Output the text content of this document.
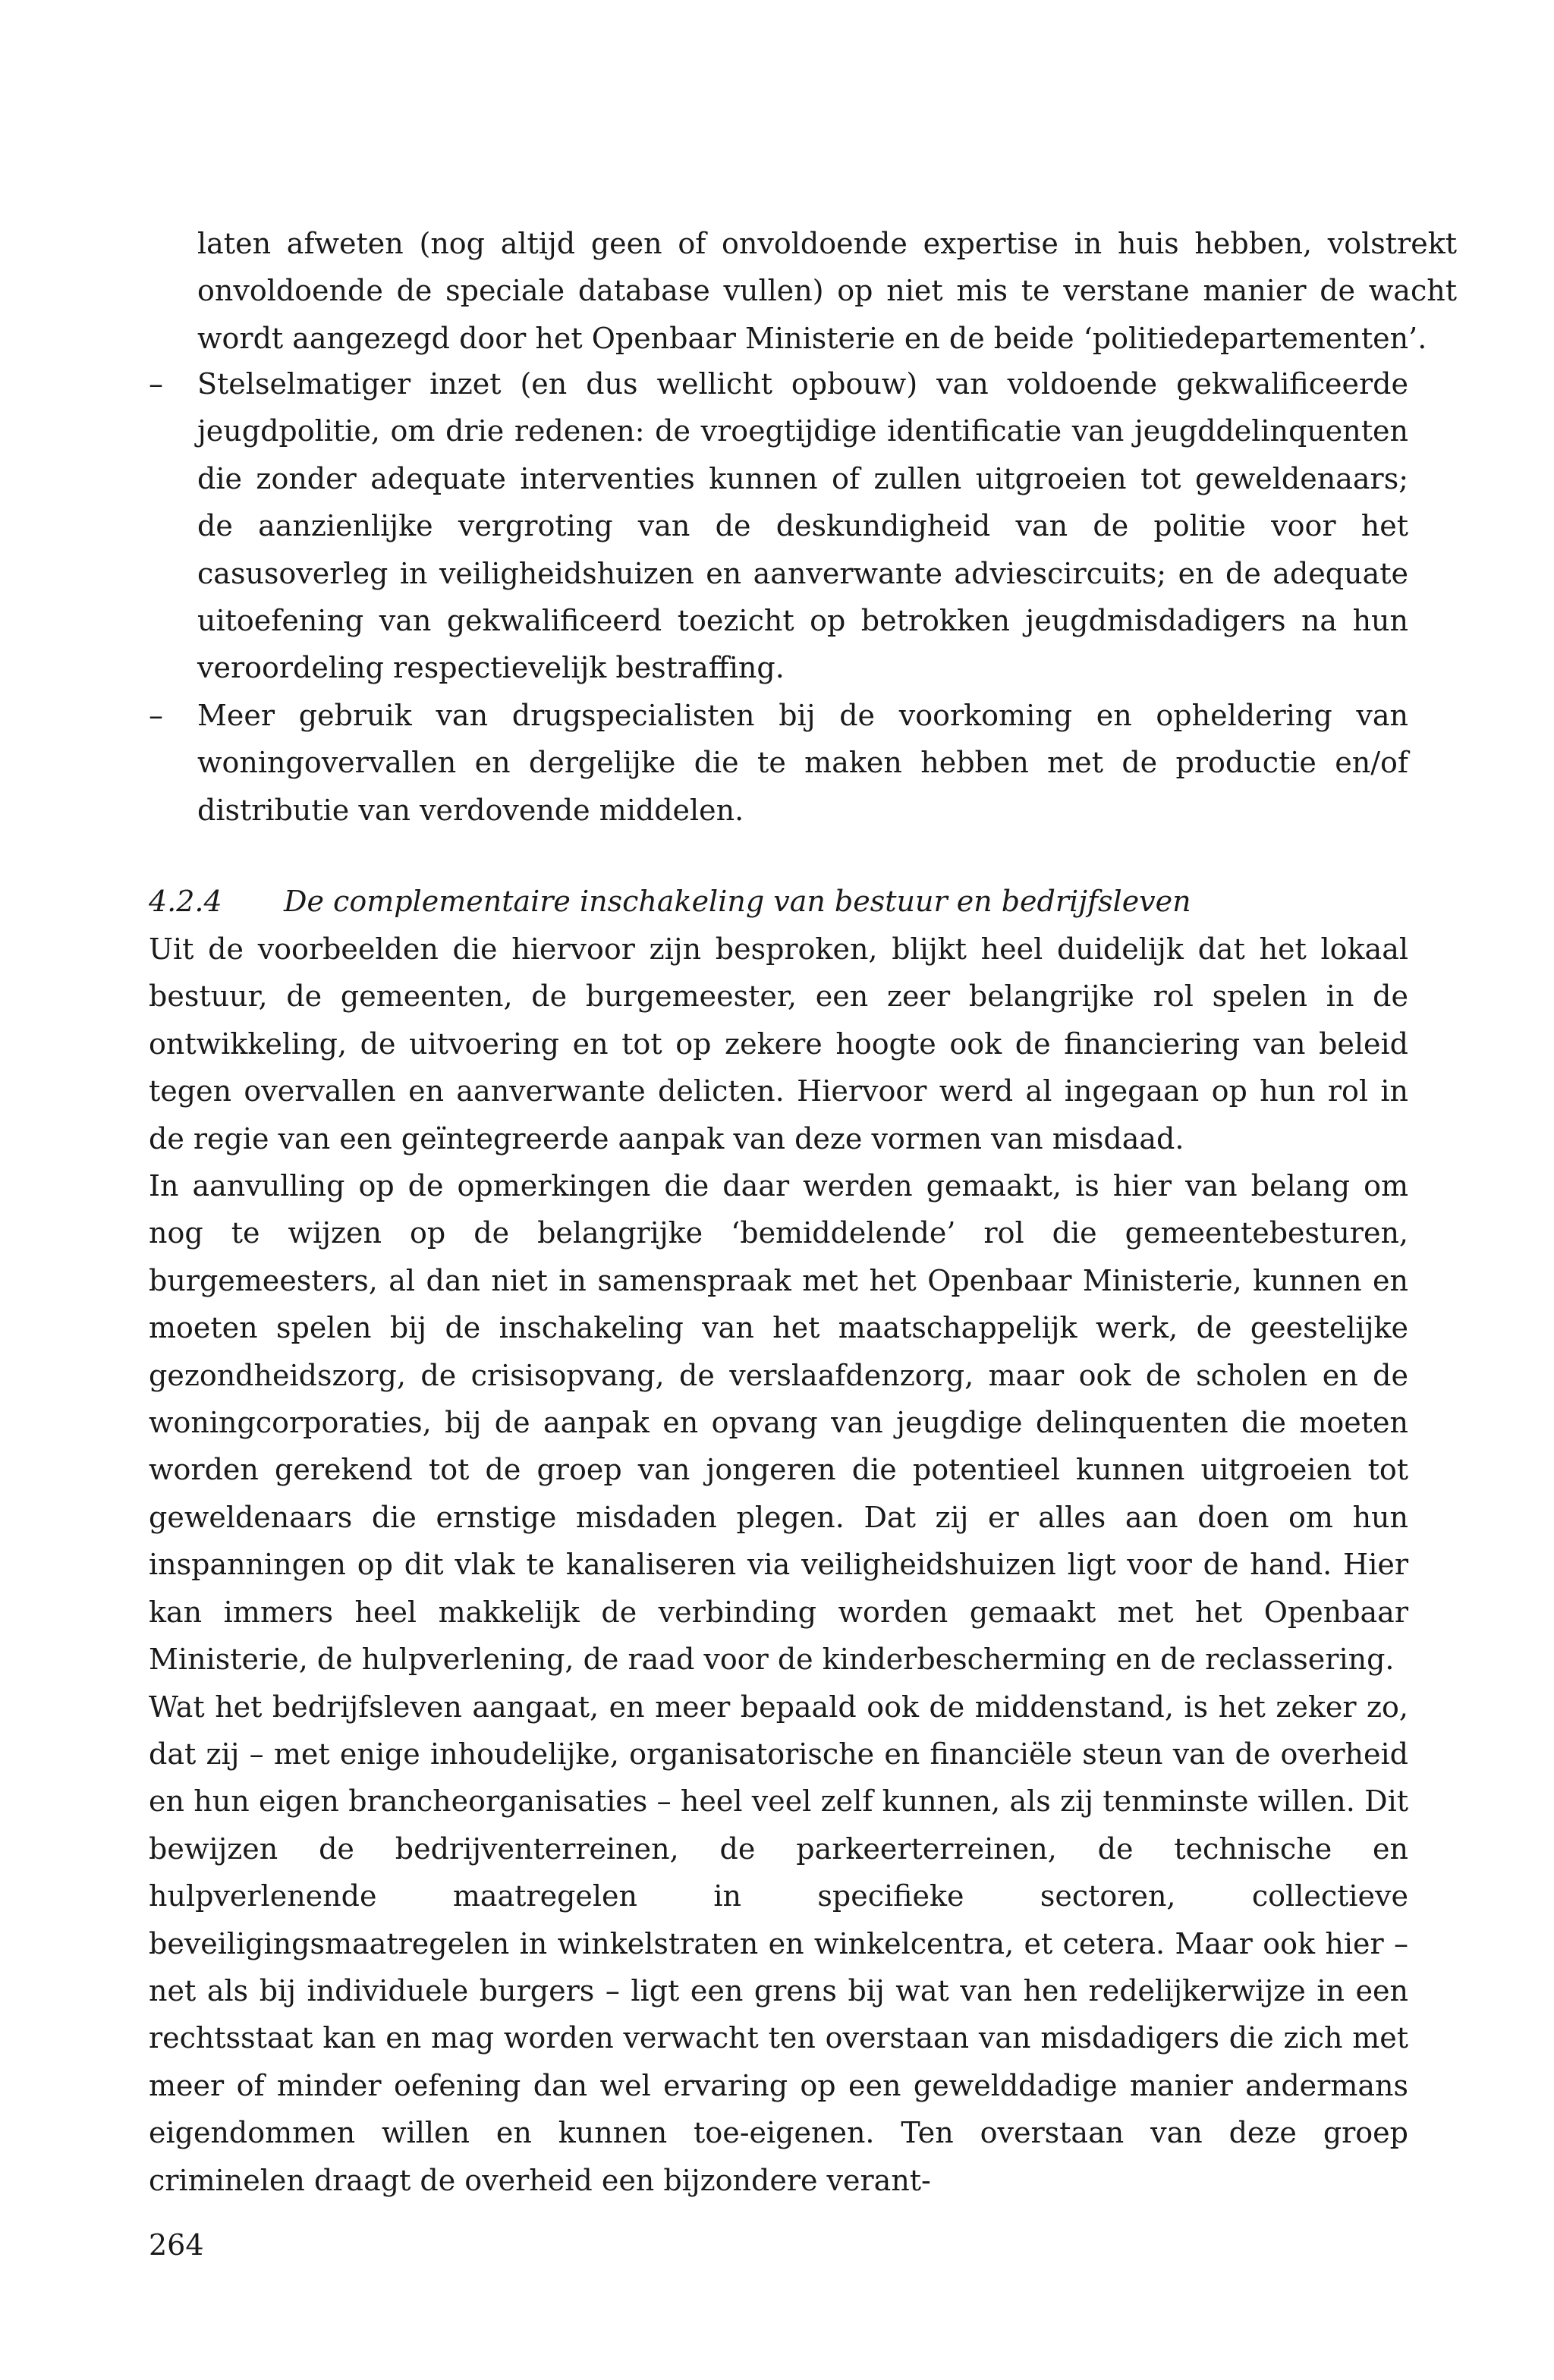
laten afweten (nog altijd geen of onvoldoende expertise in huis hebben, volstrekt onvoldoende de speciale database vullen) op niet mis te verstane manier de wacht wordt aangezegd door het Openbaar Ministerie en de beide ‘politiedepartementen’.
– Stelselmatiger inzet (en dus wellicht opbouw) van voldoende gekwalificeerde jeugdpolitie, om drie redenen: de vroegtijdige identificatie van jeugddelinquenten die zonder adequate interventies kunnen of zullen uitgroeien tot geweldenaars; de aanzienlijke vergroting van de deskundigheid van de politie voor het casusoverleg in veiligheidshuizen en aanverwante adviescircuits; en de adequate uitoefening van gekwalificeerd toezicht op betrokken jeugdmisdadigers na hun veroordeling respectievelijk bestraffing.
– Meer gebruik van drugspecialisten bij de voorkoming en opheldering van woningovervallen en dergelijke die te maken hebben met de productie en/of distributie van verdovende middelen.
4.2.4 De complementaire inschakeling van bestuur en bedrijfsleven

Uit de voorbeelden die hiervoor zijn besproken, blijkt heel duidelijk dat het lokaal bestuur, de gemeenten, de burgemeester, een zeer belangrijke rol spelen in de ontwikkeling, de uitvoering en tot op zekere hoogte ook de financiering van beleid tegen overvallen en aanverwante delicten. Hiervoor werd al ingegaan op hun rol in de regie van een geïntegreerde aanpak van deze vormen van misdaad.

In aanvulling op de opmerkingen die daar werden gemaakt, is hier van belang om nog te wijzen op de belangrijke ‘bemiddelende’ rol die gemeentebesturen, burgemeesters, al dan niet in samenspraak met het Openbaar Ministerie, kunnen en moeten spelen bij de inschakeling van het maatschappelijk werk, de geestelijke gezondheidszorg, de crisisopvang, de verslaafdenzorg, maar ook de scholen en de woningcorporaties, bij de aanpak en opvang van jeugdige delinquenten die moeten worden gerekend tot de groep van jongeren die potentieel kunnen uitgroeien tot geweldenaars die ernstige misdaden plegen. Dat zij er alles aan doen om hun inspanningen op dit vlak te kanaliseren via veiligheidshuizen ligt voor de hand. Hier kan immers heel makkelijk de verbinding worden gemaakt met het Openbaar Ministerie, de hulpverlening, de raad voor de kinderbescherming en de reclassering.

Wat het bedrijfsleven aangaat, en meer bepaald ook de middenstand, is het zeker zo, dat zij – met enige inhoudelijke, organisatorische en financiële steun van de overheid en hun eigen brancheorganisaties – heel veel zelf kunnen, als zij tenminste willen. Dit bewijzen de bedrijventerreinen, de parkeerterreinen, de technische en hulpverlenende maatregelen in specifieke sectoren, collectieve beveiligingsmaatregelen in winkelstraten en winkelcentra, et cetera. Maar ook hier – net als bij individuele burgers – ligt een grens bij wat van hen redelijkerwijze in een rechtsstaat kan en mag worden verwacht ten overstaan van misdadigers die zich met meer of minder oefening dan wel ervaring op een gewelddadige manier andermans eigendommen willen en kunnen toe-eigenen. Ten overstaan van deze groep criminelen draagt de overheid een bijzondere verant-

264
